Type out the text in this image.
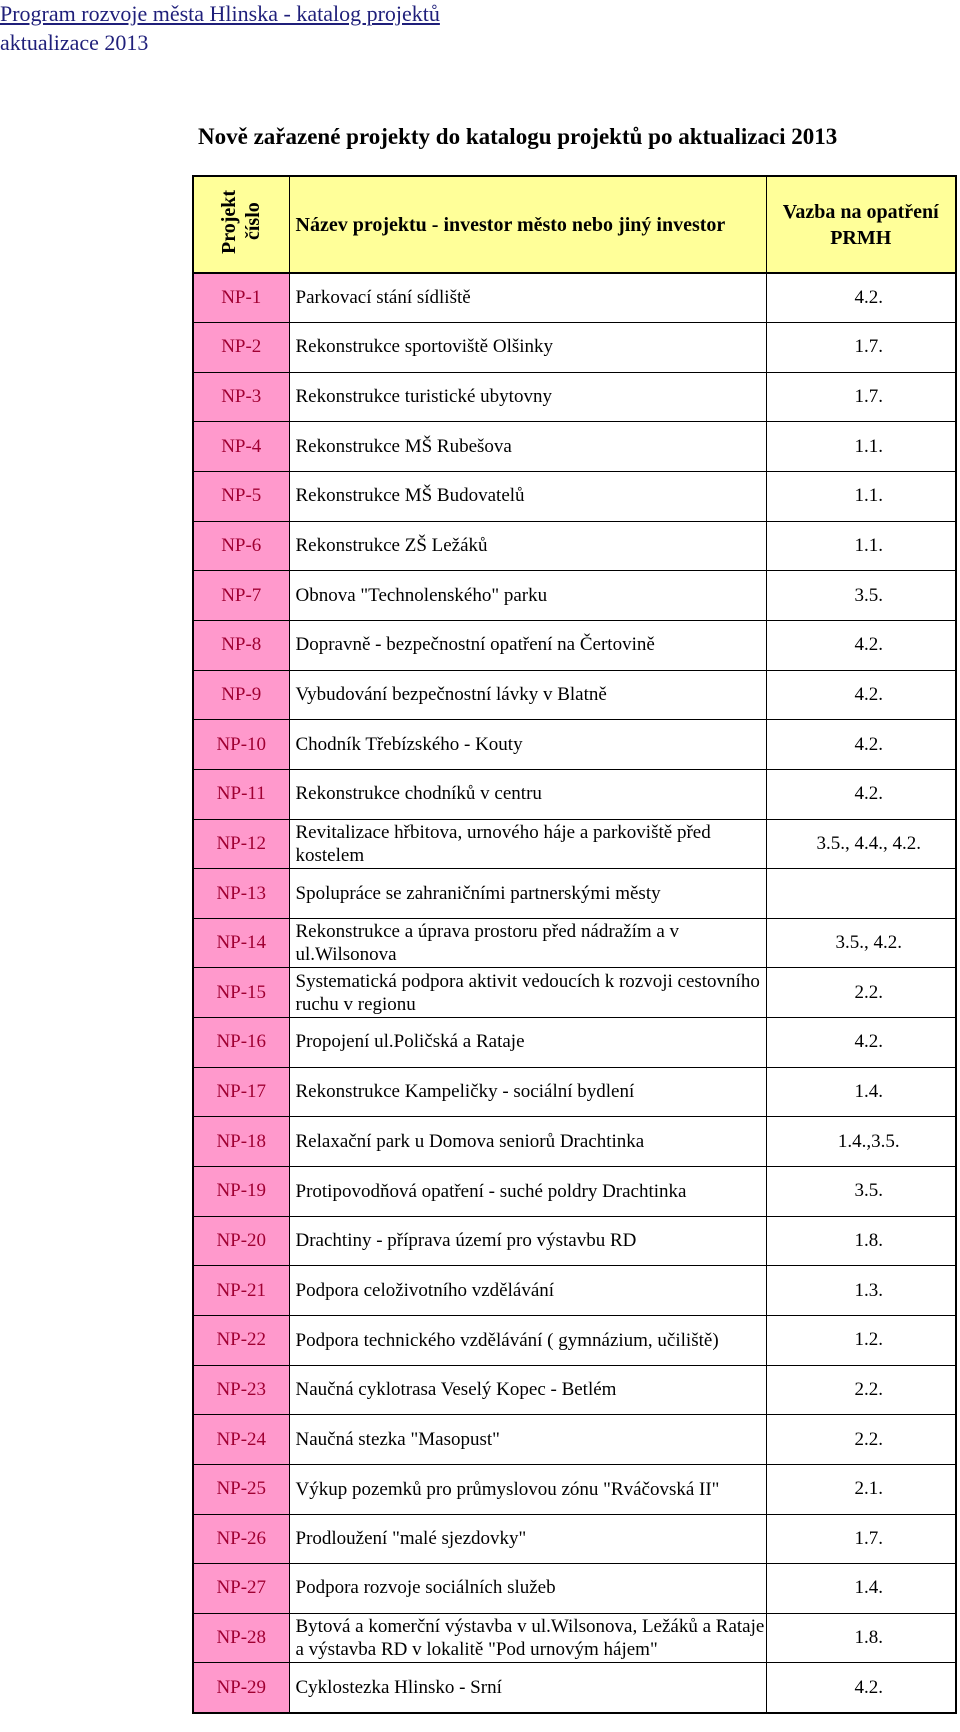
Program rozvoje města Hlinska - katalog projektů
aktualizace 2013
Nově zařazené projekty do katalogu projektů po aktualizaci 2013
Projekt číslo	Název projektu - investor město nebo jiný investor	Vazba na opatření PRMH
NP-1	Parkovací stání sídliště	4.2.
NP-2	Rekonstrukce sportoviště Olšinky	1.7.
NP-3	Rekonstrukce turistické ubytovny	1.7.
NP-4	Rekonstrukce MŠ Rubešova	1.1.
NP-5	Rekonstrukce MŠ Budovatelů	1.1.
NP-6	Rekonstrukce ZŠ Ležáků	1.1.
NP-7	Obnova "Technolenského" parku	3.5.
NP-8	Dopravně - bezpečnostní opatření na Čertovině	4.2.
NP-9	Vybudování bezpečnostní lávky v Blatně	4.2.
NP-10	Chodník Třebízského - Kouty	4.2.
NP-11	Rekonstrukce chodníků v centru	4.2.
NP-12	Revitalizace hřbitova, urnového háje a parkoviště před kostelem	3.5., 4.4., 4.2.
NP-13	Spolupráce se zahraničními partnerskými městy	
NP-14	Rekonstrukce a úprava prostoru před nádražím a v ul.Wilsonova	3.5., 4.2.
NP-15	Systematická podpora aktivit vedoucích k rozvoji cestovního ruchu v regionu	2.2.
NP-16	Propojení ul.Poličská a Rataje	4.2.
NP-17	Rekonstrukce Kampeličky - sociální bydlení	1.4.
NP-18	Relaxační park u Domova seniorů Drachtinka	1.4.,3.5.
NP-19	Protipovodňová opatření - suché poldry Drachtinka	3.5.
NP-20	Drachtiny - příprava území pro výstavbu RD	1.8.
NP-21	Podpora celoživotního vzdělávání	1.3.
NP-22	Podpora technického vzdělávání ( gymnázium, učiliště)	1.2.
NP-23	Naučná cyklotrasa Veselý Kopec - Betlém	2.2.
NP-24	Naučná stezka "Masopust"	2.2.
NP-25	Výkup pozemků pro průmyslovou zónu "Rváčovská II"	2.1.
NP-26	Prodloužení "malé sjezdovky"	1.7.
NP-27	Podpora rozvoje sociálních služeb	1.4.
NP-28	Bytová a komerční výstavba v ul.Wilsonova, Ležáků a Rataje a výstavba RD v lokalitě "Pod urnovým hájem"	1.8.
NP-29	Cyklostezka Hlinsko - Srní	4.2.
